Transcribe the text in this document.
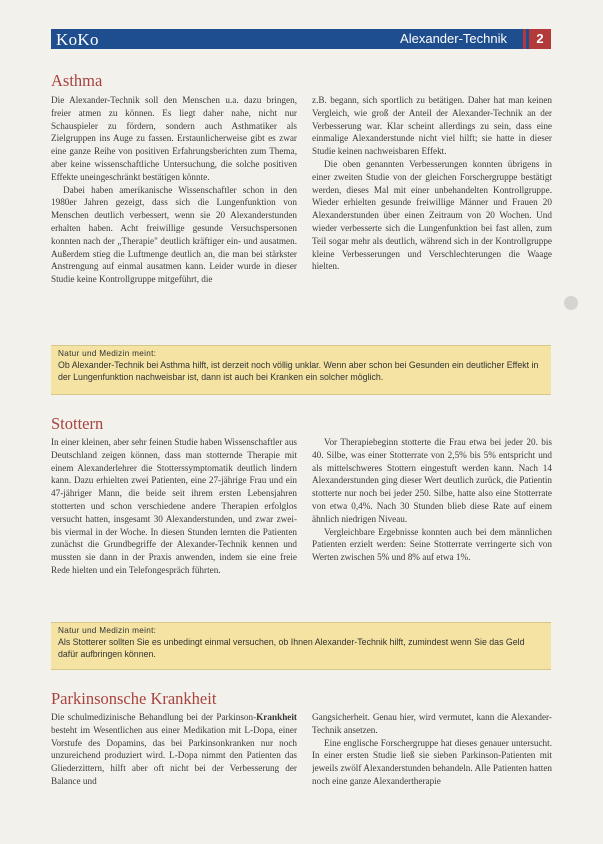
KoKo	Alexander-Technik	2
Asthma

Die Alexander-Technik soll den Menschen u.a. dazu bringen, freier atmen zu können. Es liegt daher nahe, nicht nur Schauspieler zu fördern, sondern auch Asthmatiker als Zielgruppen ins Auge zu fassen. Erstaunlicherweise gibt es zwar eine ganze Reihe von positiven Erfahrungsberichten zum Thema, aber keine wissenschaftliche Untersuchung, die solche positiven Effekte uneingeschränkt bestätigen könnte.

Dabei haben amerikanische Wissenschaftler schon in den 1980er Jahren gezeigt, dass sich die Lungenfunktion von Menschen deutlich verbessert, wenn sie 20 Alexanderstunden erhalten haben. Acht freiwillige gesunde Versuchspersonen konnten nach der „Therapie" deutlich kräftiger ein- und ausatmen. Außerdem stieg die Luftmenge deutlich an, die man bei stärkster Anstrengung auf einmal ausatmen kann. Leider wurde in dieser Studie keine Kontrollgruppe mitgeführt, die

z.B. begann, sich sportlich zu betätigen. Daher hat man keinen Vergleich, wie groß der Anteil der Alexander-Technik an der Verbesserung war. Klar scheint allerdings zu sein, dass eine einmalige Alexanderstunde nicht viel hilft; sie hatte in dieser Studie keinen nachweisbaren Effekt.

Die oben genannten Verbesserungen konnten übrigens in einer zweiten Studie von der gleichen Forschergruppe bestätigt werden, dieses Mal mit einer unbehandelten Kontrollgruppe. Wieder erhielten gesunde freiwillige Männer und Frauen 20 Alexanderstunden über einen Zeitraum von 20 Wochen. Und wieder verbesserte sich die Lungenfunktion bei fast allen, zum Teil sogar mehr als deutlich, während sich in der Kontrollgruppe kleine Verbesserungen und Verschlechterungen die Waage hielten.

Natur und Medizin meint:
Ob Alexander-Technik bei Asthma hilft, ist derzeit noch völlig unklar. Wenn aber schon bei Gesunden ein deutlicher Effekt in der Lungenfunktion nachweisbar ist, dann ist auch bei Kranken ein solcher möglich.
Stottern

In einer kleinen, aber sehr feinen Studie haben Wissenschaftler aus Deutschland zeigen können, dass man stotternde Therapie mit einem Alexanderlehrer die Stotterssymptomatik deutlich lindern kann. Dazu erhielten zwei Patienten, eine 27-jährige Frau und ein 47-jähriger Mann, die beide seit ihrem ersten Lebensjahren stotterten und schon verschiedene andere Therapien erfolglos versucht hatten, insgesamt 30 Alexanderstunden, und zwar zwei- bis viermal in der Woche. In diesen Stunden lernten die Patienten zunächst die Grundbegriffe der Alexander-Technik kennen und mussten sie dann in der Praxis anwenden, indem sie eine freie Rede hielten und ein Telefongespräch führten.

Vor Therapiebeginn stotterte die Frau etwa bei jeder 20. bis 40. Silbe, was einer Stotterrate von 2,5% bis 5% entspricht und als mittelschweres Stottern eingestuft werden kann. Nach 14 Alexanderstunden ging dieser Wert deutlich zurück, die Patientin stotterte nur noch bei jeder 250. Silbe, hatte also eine Stotterrate von etwa 0,4%. Nach 30 Stunden blieb diese Rate auf einem ähnlich niedrigen Niveau.

Vergleichbare Ergebnisse konnten auch bei dem männlichen Patienten erzielt werden: Seine Stotterrate verringerte sich von Werten zwischen 5% und 8% auf etwa 1%.

Natur und Medizin meint:
Als Stotterer sollten Sie es unbedingt einmal versuchen, ob Ihnen Alexander-Technik hilft, zumindest wenn Sie das Geld dafür aufbringen können.
Parkinsonsche Krankheit

Die schulmedizinische Behandlung bei der Parkinson-Krankheit besteht im Wesentlichen aus einer Medikation mit L-Dopa, einer Vorstufe des Dopamins, das bei Parkinsonkranken nur noch unzureichend produziert wird. L-Dopa nimmt den Patienten das Gliederzittern, hilft aber oft nicht bei der Verbesserung der Balance und

Gangsicherheit. Genau hier, wird vermutet, kann die Alexander-Technik ansetzen.

Eine englische Forschergruppe hat dieses genauer untersucht. In einer ersten Studie ließ sie sieben Parkinson-Patienten mit jeweils zwölf Alexanderstunden behandeln. Alle Patienten hatten noch eine ganze Alexandertherapie
